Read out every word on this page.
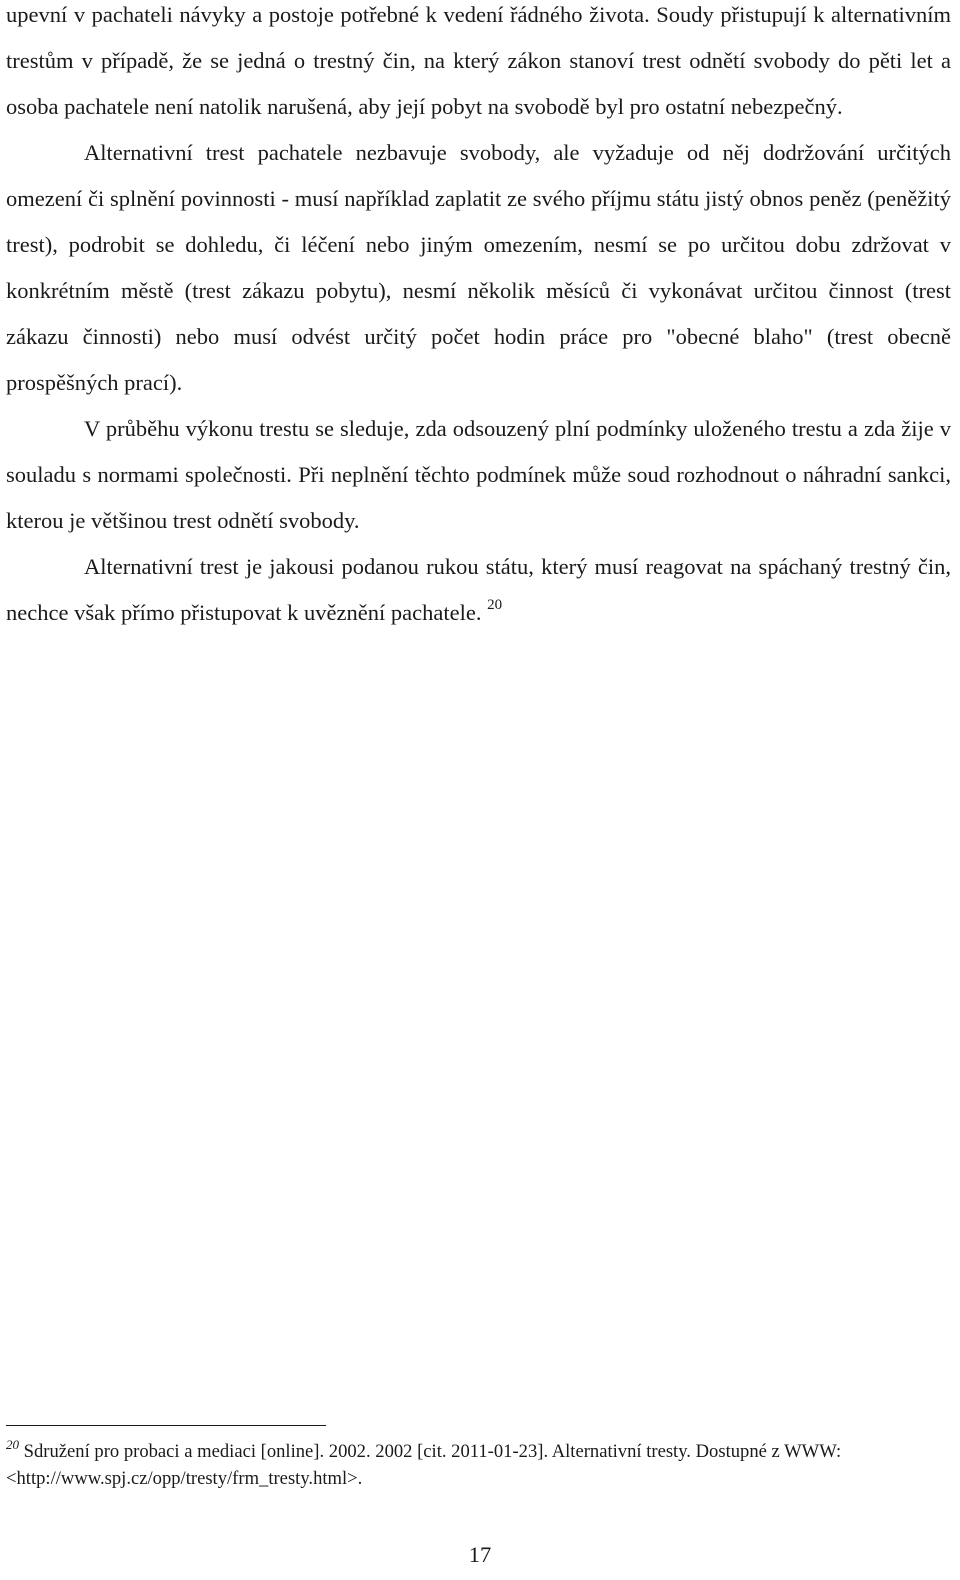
upevní v pachateli návyky a postoje potřebné k vedení řádného života. Soudy přistupují k alternativním trestům v případě, že se jedná o trestný čin, na který zákon stanoví trest odnětí svobody do pěti let a osoba pachatele není natolik narušená, aby její pobyt na svobodě byl pro ostatní nebezpečný.

Alternativní trest pachatele nezbavuje svobody, ale vyžaduje od něj dodržování určitých omezení či splnění povinnosti - musí například zaplatit ze svého příjmu státu jistý obnos peněz (peněžitý trest), podrobit se dohledu, či léčení nebo jiným omezením, nesmí se po určitou dobu zdržovat v konkrétním městě (trest zákazu pobytu), nesmí několik měsíců či vykonávat určitou činnost (trest zákazu činnosti) nebo musí odvést určitý počet hodin práce pro "obecné blaho" (trest obecně prospěšných prací).

V průběhu výkonu trestu se sleduje, zda odsouzený plní podmínky uloženého trestu a zda žije v souladu s normami společnosti. Při neplnění těchto podmínek může soud rozhodnout o náhradní sankci, kterou je většinou trest odnětí svobody.

Alternativní trest je jakousi podanou rukou státu, který musí reagovat na spáchaný trestný čin, nechce však přímo přistupovat k uvěznění pachatele. $^{20}$

$^{20}$ Sdružení pro probaci a mediaci [online]. 2002. 2002 [cit. 2011-01-23]. Alternativní tresty. Dostupné z WWW: <http://www.spj.cz/opp/tresty/frm_tresty.html>.

17
